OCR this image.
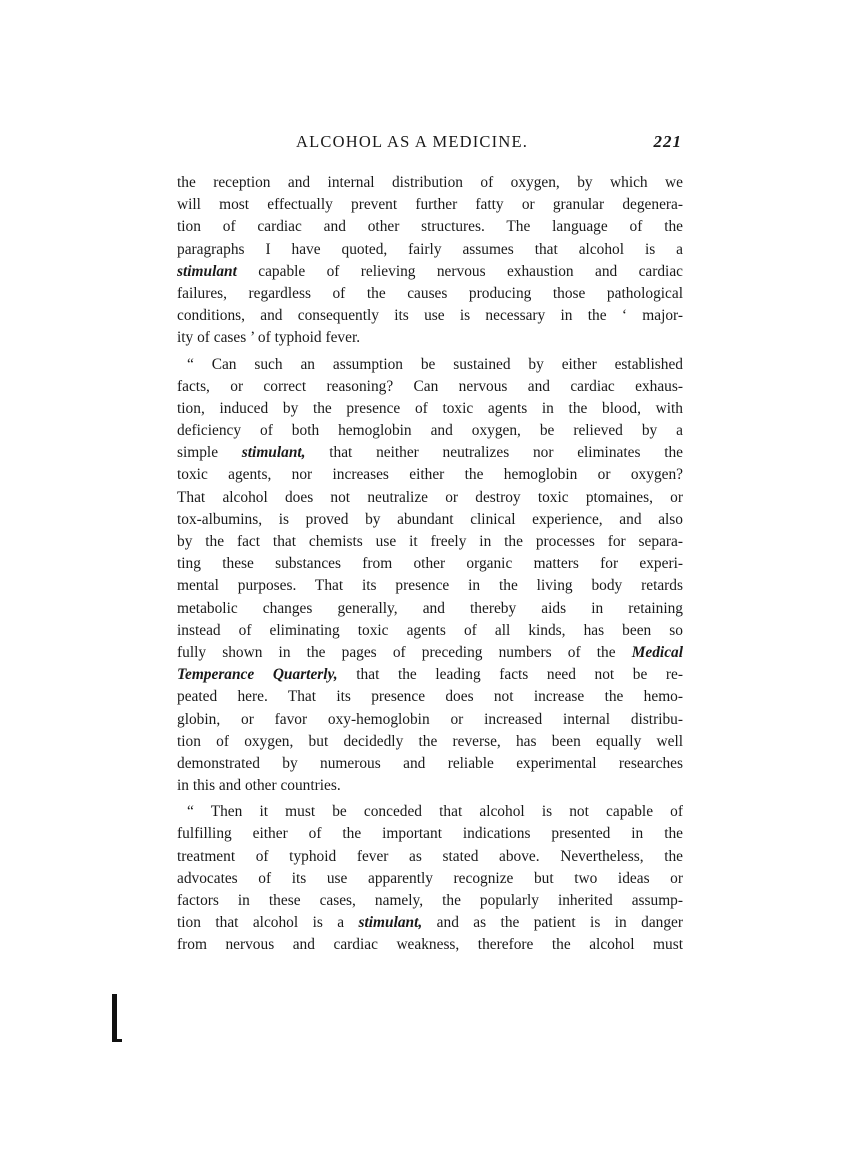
ALCOHOL AS A MEDICINE.	221
the reception and internal distribution of oxygen, by which we
will most effectually prevent further fatty or granular degenera-
tion of cardiac and other structures. The language of the
paragraphs I have quoted, fairly assumes that alcohol is a
stimulant capable of relieving nervous exhaustion and cardiac
failures, regardless of the causes producing those pathological
conditions, and consequently its use is necessary in the ‘ major-
ity of cases ’ of typhoid fever.
“ Can such an assumption be sustained by either established
facts, or correct reasoning? Can nervous and cardiac exhaus-
tion, induced by the presence of toxic agents in the blood, with
deficiency of both hemoglobin and oxygen, be relieved by a
simple stimulant, that neither neutralizes nor eliminates the
toxic agents, nor increases either the hemoglobin or oxygen?
That alcohol does not neutralize or destroy toxic ptomaines, or
tox-albumins, is proved by abundant clinical experience, and also
by the fact that chemists use it freely in the processes for separa-
ting these substances from other organic matters for experi-
mental purposes. That its presence in the living body retards
metabolic changes generally, and thereby aids in retaining
instead of eliminating toxic agents of all kinds, has been so
fully shown in the pages of preceding numbers of the Medical
Temperance Quarterly, that the leading facts need not be re-
peated here. That its presence does not increase the hemo-
globin, or favor oxy-hemoglobin or increased internal distribu-
tion of oxygen, but decidedly the reverse, has been equally well
demonstrated by numerous and reliable experimental researches
in this and other countries.
“ Then it must be conceded that alcohol is not capable of
fulfilling either of the important indications presented in the
treatment of typhoid fever as stated above. Nevertheless, the
advocates of its use apparently recognize but two ideas or
factors in these cases, namely, the popularly inherited assump-
tion that alcohol is a stimulant, and as the patient is in danger
from nervous and cardiac weakness, therefore the alcohol must
